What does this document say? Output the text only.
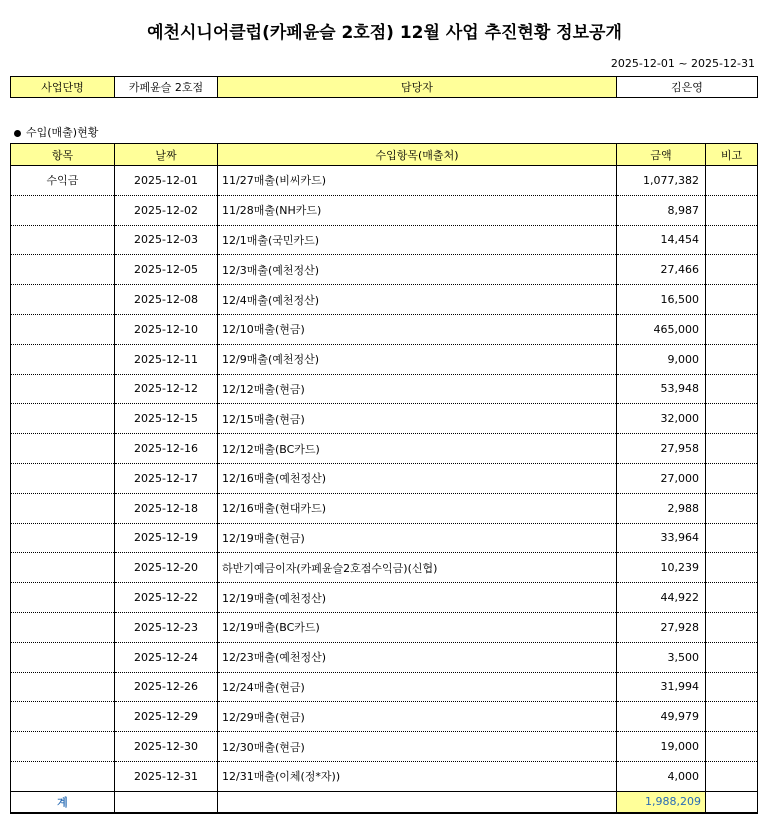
예천시니어클럽(카페윤슬 2호점) 12월 사업 추진현황 정보공개
2025-12-01 ~ 2025-12-31
사업단명	카페윤슬 2호점	담당자	김은영
수입(매출)현황
항목	날짜	수입항목(매출처)	금액	비고
수익금	2025-12-01	11/27매출(비씨카드)	1,077,382	
	2025-12-02	11/28매출(NH카드)	8,987	
	2025-12-03	12/1매출(국민카드)	14,454	
	2025-12-05	12/3매출(예천정산)	27,466	
	2025-12-08	12/4매출(예천정산)	16,500	
	2025-12-10	12/10매출(현금)	465,000	
	2025-12-11	12/9매출(예천정산)	9,000	
	2025-12-12	12/12매출(현금)	53,948	
	2025-12-15	12/15매출(현금)	32,000	
	2025-12-16	12/12매출(BC카드)	27,958	
	2025-12-17	12/16매출(예천정산)	27,000	
	2025-12-18	12/16매출(현대카드)	2,988	
	2025-12-19	12/19매출(현금)	33,964	
	2025-12-20	하반기예금이자(카페윤슬2호점수익금)(신협)	10,239	
	2025-12-22	12/19매출(예천정산)	44,922	
	2025-12-23	12/19매출(BC카드)	27,928	
	2025-12-24	12/23매출(예천정산)	3,500	
	2025-12-26	12/24매출(현금)	31,994	
	2025-12-29	12/29매출(현금)	49,979	
	2025-12-30	12/30매출(현금)	19,000	
	2025-12-31	12/31매출(이체(정*자))	4,000	
계			1,988,209	
